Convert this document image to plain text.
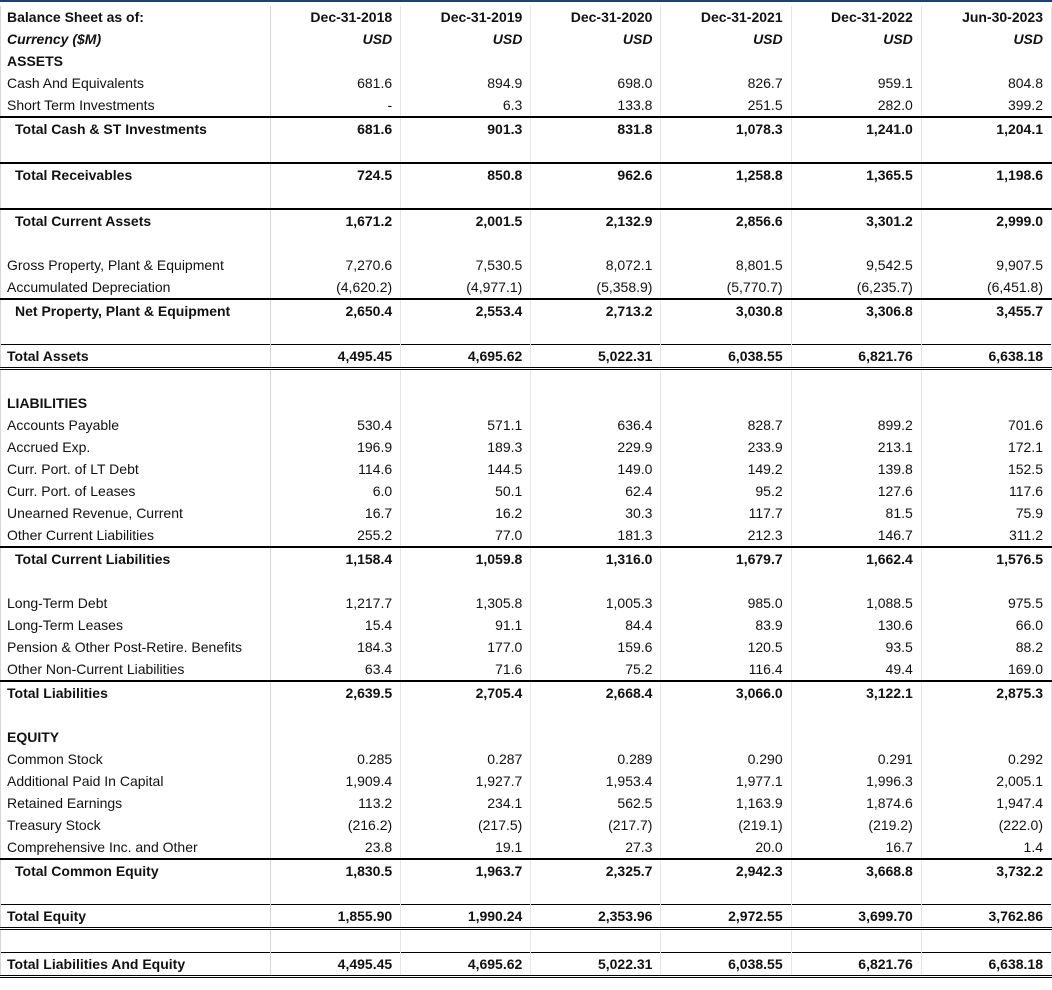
Balance Sheet as of:	Dec-31-2018	Dec-31-2019	Dec-31-2020	Dec-31-2021	Dec-31-2022	Jun-30-2023
Currency ($M)	USD	USD	USD	USD	USD	USD
ASSETS						
Cash And Equivalents	681.6	894.9	698.0	826.7	959.1	804.8
Short Term Investments	-	6.3	133.8	251.5	282.0	399.2
Total Cash & ST Investments	681.6	901.3	831.8	1,078.3	1,241.0	1,204.1

Total Receivables	724.5	850.8	962.6	1,258.8	1,365.5	1,198.6

Total Current Assets	1,671.2	2,001.5	2,132.9	2,856.6	3,301.2	2,999.0

Gross Property, Plant & Equipment	7,270.6	7,530.5	8,072.1	8,801.5	9,542.5	9,907.5
Accumulated Depreciation	(4,620.2)	(4,977.1)	(5,358.9)	(5,770.7)	(6,235.7)	(6,451.8)
Net Property, Plant & Equipment	2,650.4	2,553.4	2,713.2	3,030.8	3,306.8	3,455.7

Total Assets	4,495.45	4,695.62	5,022.31	6,038.55	6,821.76	6,638.18

LIABILITIES						
Accounts Payable	530.4	571.1	636.4	828.7	899.2	701.6
Accrued Exp.	196.9	189.3	229.9	233.9	213.1	172.1
Curr. Port. of LT Debt	114.6	144.5	149.0	149.2	139.8	152.5
Curr. Port. of Leases	6.0	50.1	62.4	95.2	127.6	117.6
Unearned Revenue, Current	16.7	16.2	30.3	117.7	81.5	75.9
Other Current Liabilities	255.2	77.0	181.3	212.3	146.7	311.2
Total Current Liabilities	1,158.4	1,059.8	1,316.0	1,679.7	1,662.4	1,576.5

Long-Term Debt	1,217.7	1,305.8	1,005.3	985.0	1,088.5	975.5
Long-Term Leases	15.4	91.1	84.4	83.9	130.6	66.0
Pension & Other Post-Retire. Benefits	184.3	177.0	159.6	120.5	93.5	88.2
Other Non-Current Liabilities	63.4	71.6	75.2	116.4	49.4	169.0
Total Liabilities	2,639.5	2,705.4	2,668.4	3,066.0	3,122.1	2,875.3

EQUITY						
Common Stock	0.285	0.287	0.289	0.290	0.291	0.292
Additional Paid In Capital	1,909.4	1,927.7	1,953.4	1,977.1	1,996.3	2,005.1
Retained Earnings	113.2	234.1	562.5	1,163.9	1,874.6	1,947.4
Treasury Stock	(216.2)	(217.5)	(217.7)	(219.1)	(219.2)	(222.0)
Comprehensive Inc. and Other	23.8	19.1	27.3	20.0	16.7	1.4
Total Common Equity	1,830.5	1,963.7	2,325.7	2,942.3	3,668.8	3,732.2

Total Equity	1,855.90	1,990.24	2,353.96	2,972.55	3,699.70	3,762.86

Total Liabilities And Equity	4,495.45	4,695.62	5,022.31	6,038.55	6,821.76	6,638.18
